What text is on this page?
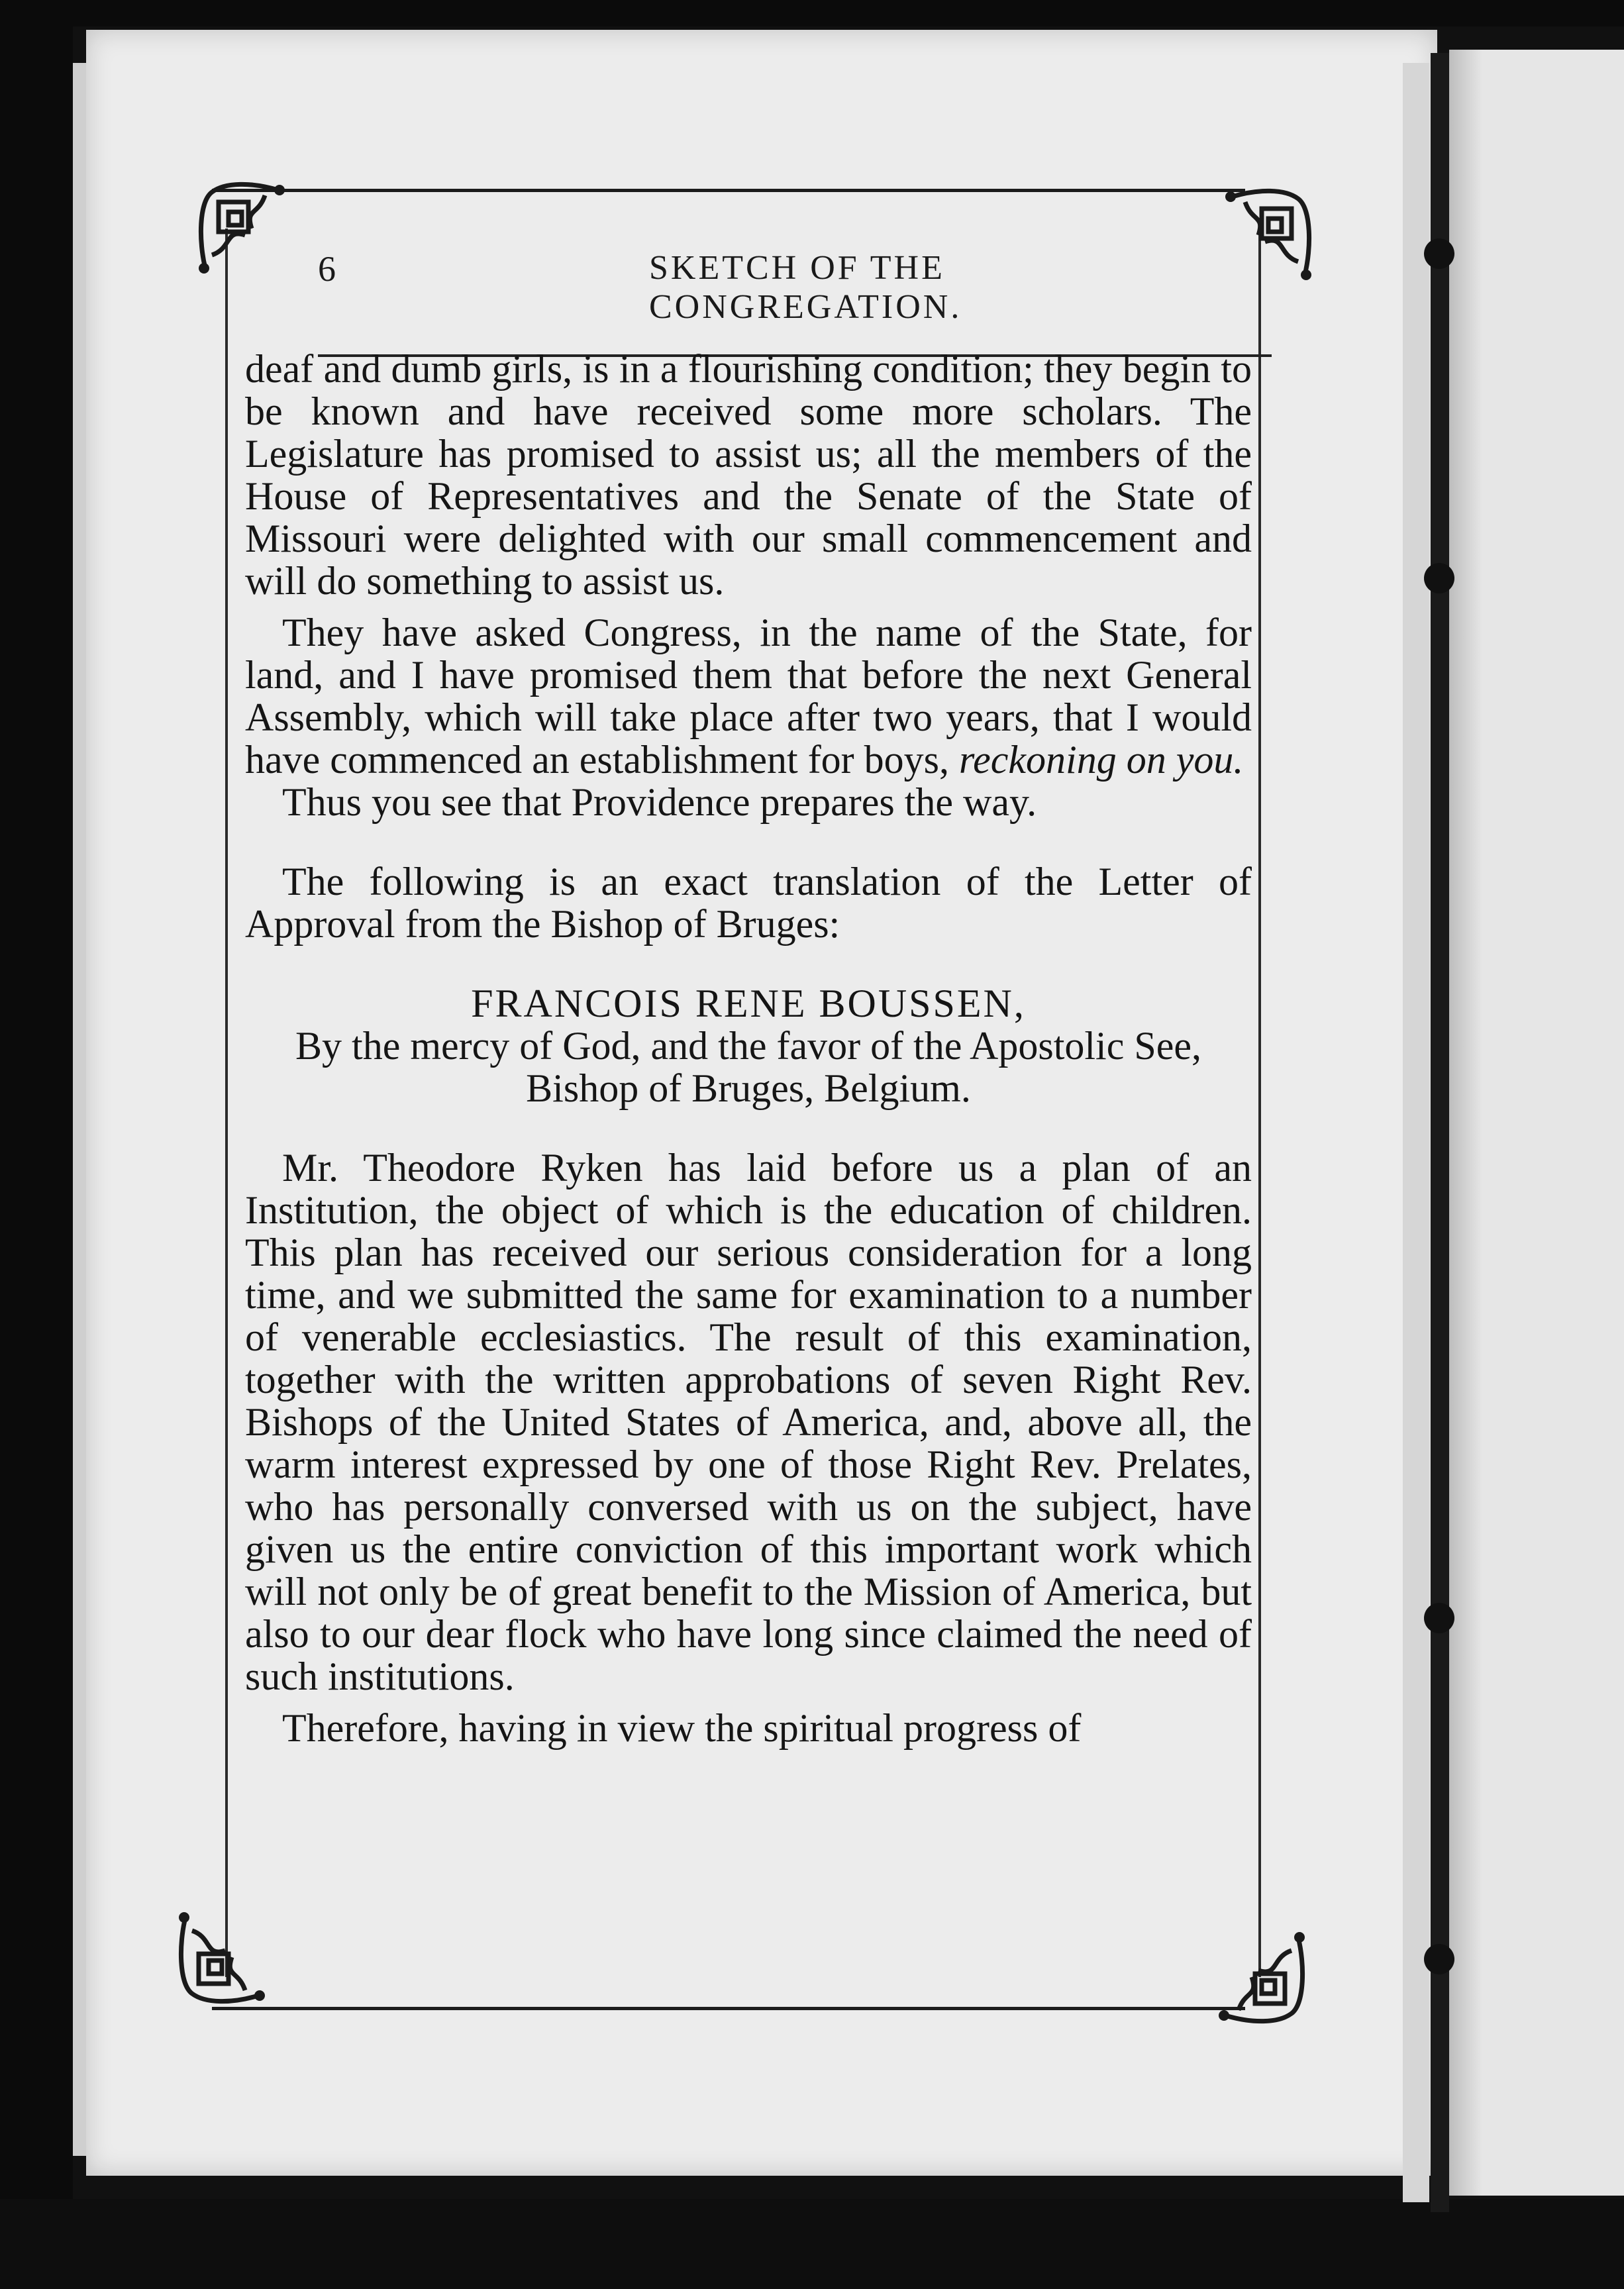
6	SKETCH OF THE CONGREGATION.

deaf and dumb girls, is in a flourishing condition; they begin to be known and have received some more scholars. The Legislature has promised to assist us; all the members of the House of Representatives and the Senate of the State of Missouri were delighted with our small commencement and will do something to assist us.

They have asked Congress, in the name of the State, for land, and I have promised them that before the next General Assembly, which will take place after two years, that I would have commenced an establishment for boys, reckoning on you.

Thus you see that Providence prepares the way.

The following is an exact translation of the Letter of Approval from the Bishop of Bruges:

FRANCOIS RENE BOUSSEN,

By the mercy of God, and the favor of the Apostolic See, Bishop of Bruges, Belgium.

Mr. Theodore Ryken has laid before us a plan of an Institution, the object of which is the education of children. This plan has received our serious consideration for a long time, and we submitted the same for examination to a number of venerable ecclesiastics. The result of this examination, together with the written approbations of seven Right Rev. Bishops of the United States of America, and, above all, the warm interest expressed by one of those Right Rev. Prelates, who has personally conversed with us on the subject, have given us the entire conviction of this important work which will not only be of great benefit to the Mission of America, but also to our dear flock who have long since claimed the need of such institutions.

Therefore, having in view the spiritual progress of
